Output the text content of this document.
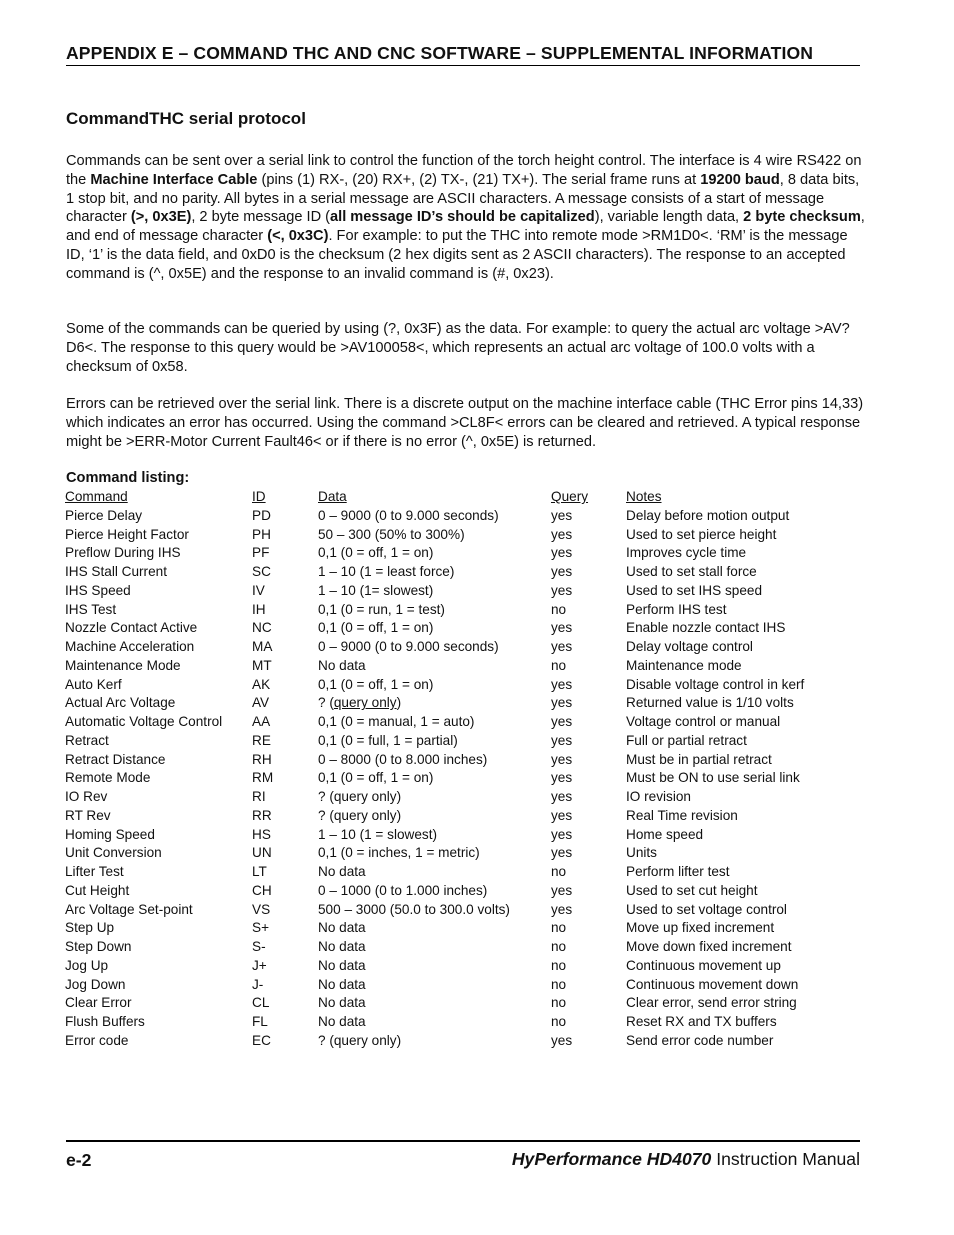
APPENDIX E – COMMAND THC AND CNC SOFTWARE – SUPPLEMENTAL INFORMATION
CommandTHC serial protocol

Commands can be sent over a serial link to control the function of the torch height control. The interface is 4 wire RS422 on the Machine Interface Cable (pins (1) RX-, (20) RX+, (2) TX-, (21) TX+). The serial frame runs at 19200 baud, 8 data bits, 1 stop bit, and no parity. All bytes in a serial message are ASCII characters. A message consists of a start of message character (>, 0x3E), 2 byte message ID (all message ID’s should be capitalized), variable length data, 2 byte checksum, and end of message character (<, 0x3C). For example: to put the THC into remote mode >RM1D0<. ‘RM’ is the message ID, ‘1’ is the data field, and 0xD0 is the checksum (2 hex digits sent as 2 ASCII characters). The response to an accepted command is (^, 0x5E) and the response to an invalid command is (#, 0x23).

Some of the commands can be queried by using (?, 0x3F) as the data. For example: to query the actual arc voltage >AV?D6<. The response to this query would be >AV100058<, which represents an actual arc voltage of 100.0 volts with a checksum of 0x58.

Errors can be retrieved over the serial link. There is a discrete output on the machine interface cable (THC Error pins 14,33) which indicates an error has occurred. Using the command >CL8F< errors can be cleared and retrieved. A typical response might be >ERR-Motor Current Fault46< or if there is no error (^, 0x5E) is returned.

Command listing:
Command	ID	Data	Query	Notes
Pierce Delay	PD	0 – 9000 (0 to 9.000 seconds)	yes	Delay before motion output
Pierce Height Factor	PH	50 – 300 (50% to 300%)	yes	Used to set pierce height
Preflow During IHS	PF	0,1 (0 = off, 1 = on)	yes	Improves cycle time
IHS Stall Current	SC	1 – 10 (1 = least force)	yes	Used to set stall force
IHS Speed	IV	1 – 10 (1= slowest)	yes	Used to set IHS speed
IHS Test	IH	0,1 (0 = run, 1 = test)	no	Perform IHS test
Nozzle Contact Active	NC	0,1 (0 = off, 1 = on)	yes	Enable nozzle contact IHS
Machine Acceleration	MA	0 – 9000 (0 to 9.000 seconds)	yes	Delay voltage control
Maintenance Mode	MT	No data	no	Maintenance mode
Auto Kerf	AK	0,1 (0 = off, 1 = on)	yes	Disable voltage control in kerf
Actual Arc Voltage	AV	? (query only)	yes	Returned value is 1/10 volts
Automatic Voltage Control	AA	0,1 (0 = manual, 1 = auto)	yes	Voltage control or manual
Retract	RE	0,1 (0 = full, 1 = partial)	yes	Full or partial retract
Retract Distance	RH	0 – 8000 (0 to 8.000 inches)	yes	Must be in partial retract
Remote Mode	RM	0,1 (0 = off, 1 = on)	yes	Must be ON to use serial link
IO Rev	RI	? (query only)	yes	IO revision
RT Rev	RR	? (query only)	yes	Real Time revision
Homing Speed	HS	1 – 10 (1 = slowest)	yes	Home speed
Unit Conversion	UN	0,1 (0 = inches, 1 = metric)	yes	Units
Lifter Test	LT	No data	no	Perform lifter test
Cut Height	CH	0 – 1000 (0 to 1.000 inches)	yes	Used to set cut height
Arc Voltage Set-point	VS	500 – 3000 (50.0 to 300.0 volts)	yes	Used to set voltage control
Step Up	S+	No data	no	Move up fixed increment
Step Down	S-	No data	no	Move down fixed increment
Jog Up	J+	No data	no	Continuous movement up
Jog Down	J-	No data	no	Continuous movement down
Clear Error	CL	No data	no	Clear error, send error string
Flush Buffers	FL	No data	no	Reset RX and TX buffers
Error code	EC	? (query only)	yes	Send error code number
e-2	HyPerformance HD4070 Instruction Manual
